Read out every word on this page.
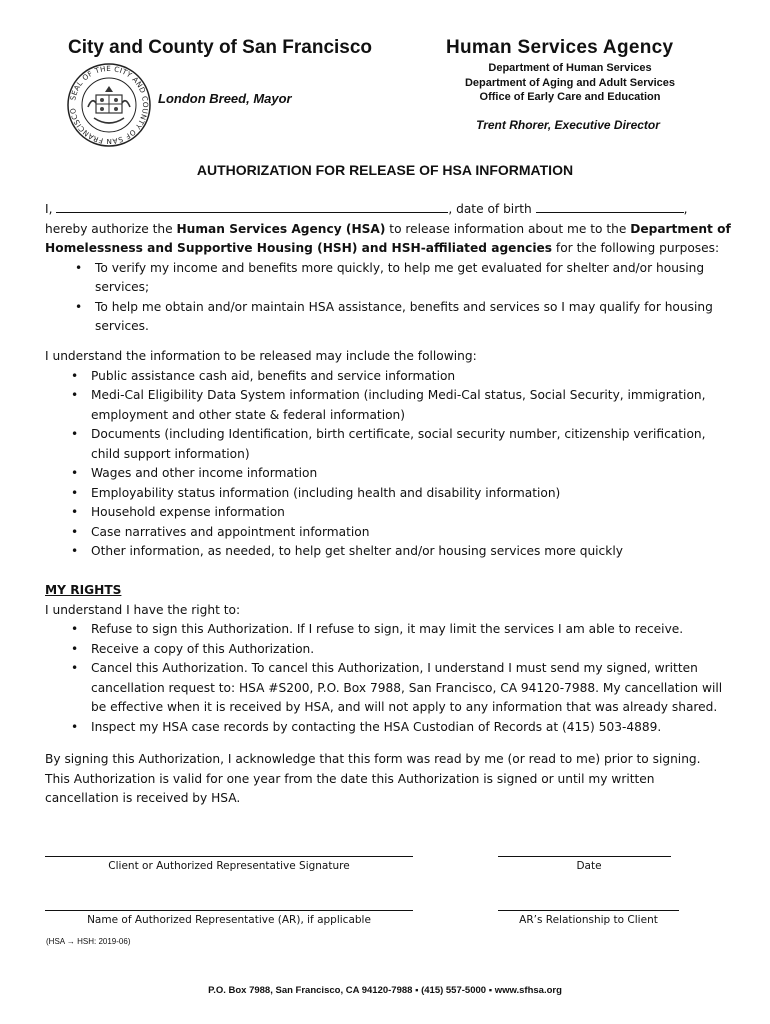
City and County of San Francisco	Human Services Agency
SEAL OF THE CITY AND COUNTY OF SAN FRANCISCO
London Breed, Mayor
Department of Human Services
Department of Aging and Adult Services
Office of Early Care and Education
Trent Rhorer, Executive Director
AUTHORIZATION FOR RELEASE OF HSA INFORMATION
I,	, date of birth	,
hereby authorize the Human Services Agency (HSA) to release information about me to the Department of
Homelessness and Supportive Housing (HSH) and HSH-affiliated agencies for the following purposes:
• To verify my income and benefits more quickly, to help me get evaluated for shelter and/or housing services;
• To help me obtain and/or maintain HSA assistance, benefits and services so I may qualify for housing services.
I understand the information to be released may include the following:
• Public assistance cash aid, benefits and service information
• Medi-Cal Eligibility Data System information (including Medi-Cal status, Social Security, immigration, employment and other state & federal information)
• Documents (including Identification, birth certificate, social security number, citizenship verification, child support information)
• Wages and other income information
• Employability status information (including health and disability information)
• Household expense information
• Case narratives and appointment information
• Other information, as needed, to help get shelter and/or housing services more quickly
MY RIGHTS
I understand I have the right to:
• Refuse to sign this Authorization. If I refuse to sign, it may limit the services I am able to receive.
• Receive a copy of this Authorization.
• Cancel this Authorization. To cancel this Authorization, I understand I must send my signed, written cancellation request to: HSA #S200, P.O. Box 7988, San Francisco, CA 94120-7988. My cancellation will be effective when it is received by HSA, and will not apply to any information that was already shared.
• Inspect my HSA case records by contacting the HSA Custodian of Records at (415) 503-4889.
By signing this Authorization, I acknowledge that this form was read by me (or read to me) prior to signing. This Authorization is valid for one year from the date this Authorization is signed or until my written cancellation is received by HSA.
Client or Authorized Representative Signature	Date
Name of Authorized Representative (AR), if applicable	AR’s Relationship to Client
(HSA → HSH: 2019-06)
P.O. Box 7988, San Francisco, CA 94120-7988 ▪ (415) 557-5000 ▪ www.sfhsa.org
